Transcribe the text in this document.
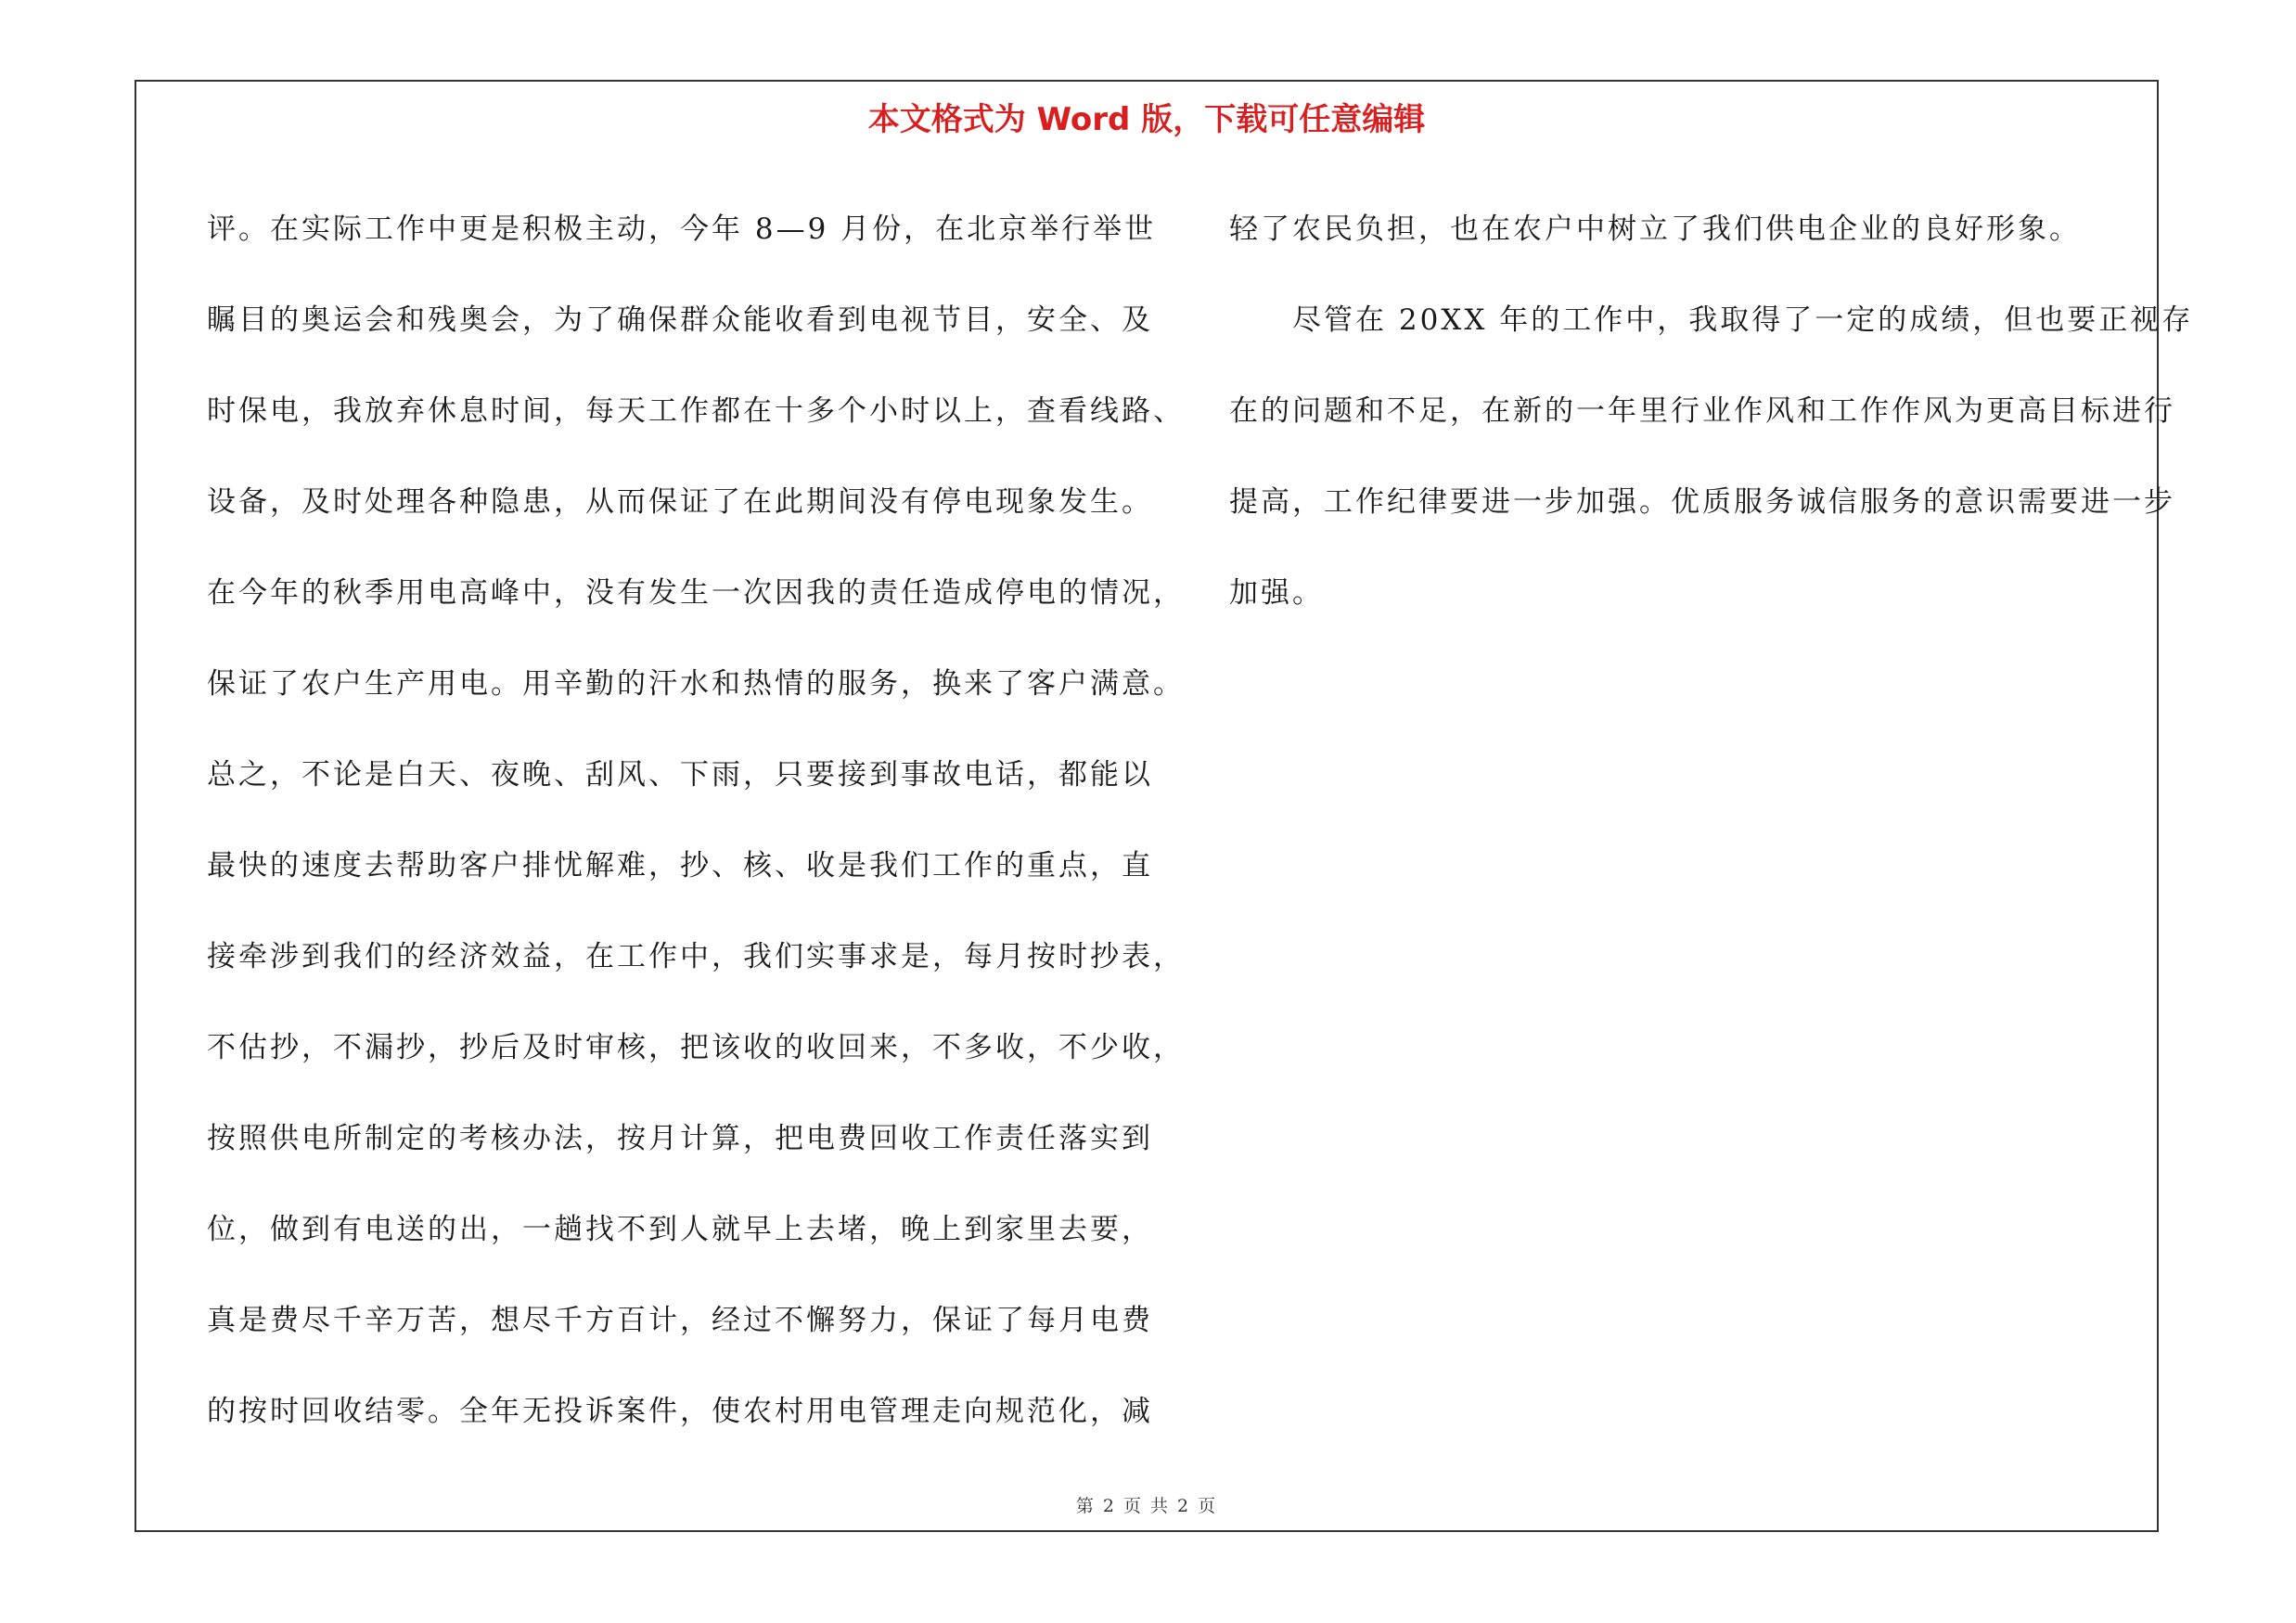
本文格式为 Word 版，下载可任意编辑
评。在实际工作中更是积极主动，今年 8—9 月份，在北京举行举世
瞩目的奥运会和残奥会，为了确保群众能收看到电视节目，安全、及
时保电，我放弃休息时间，每天工作都在十多个小时以上，查看线路、
设备，及时处理各种隐患，从而保证了在此期间没有停电现象发生。
在今年的秋季用电高峰中，没有发生一次因我的责任造成停电的情况，
保证了农户生产用电。用辛勤的汗水和热情的服务，换来了客户满意。
总之，不论是白天、夜晚、刮风、下雨，只要接到事故电话，都能以
最快的速度去帮助客户排忧解难，抄、核、收是我们工作的重点，直
接牵涉到我们的经济效益，在工作中，我们实事求是，每月按时抄表，
不估抄，不漏抄，抄后及时审核，把该收的收回来，不多收，不少收，
按照供电所制定的考核办法，按月计算，把电费回收工作责任落实到
位，做到有电送的出，一趟找不到人就早上去堵，晚上到家里去要，
真是费尽千辛万苦，想尽千方百计，经过不懈努力，保证了每月电费
的按时回收结零。全年无投诉案件，使农村用电管理走向规范化，减
轻了农民负担，也在农户中树立了我们供电企业的良好形象。
　　尽管在 20XX 年的工作中，我取得了一定的成绩，但也要正视存
在的问题和不足，在新的一年里行业作风和工作作风为更高目标进行
提高，工作纪律要进一步加强。优质服务诚信服务的意识需要进一步
加强。
第 2 页 共 2 页
